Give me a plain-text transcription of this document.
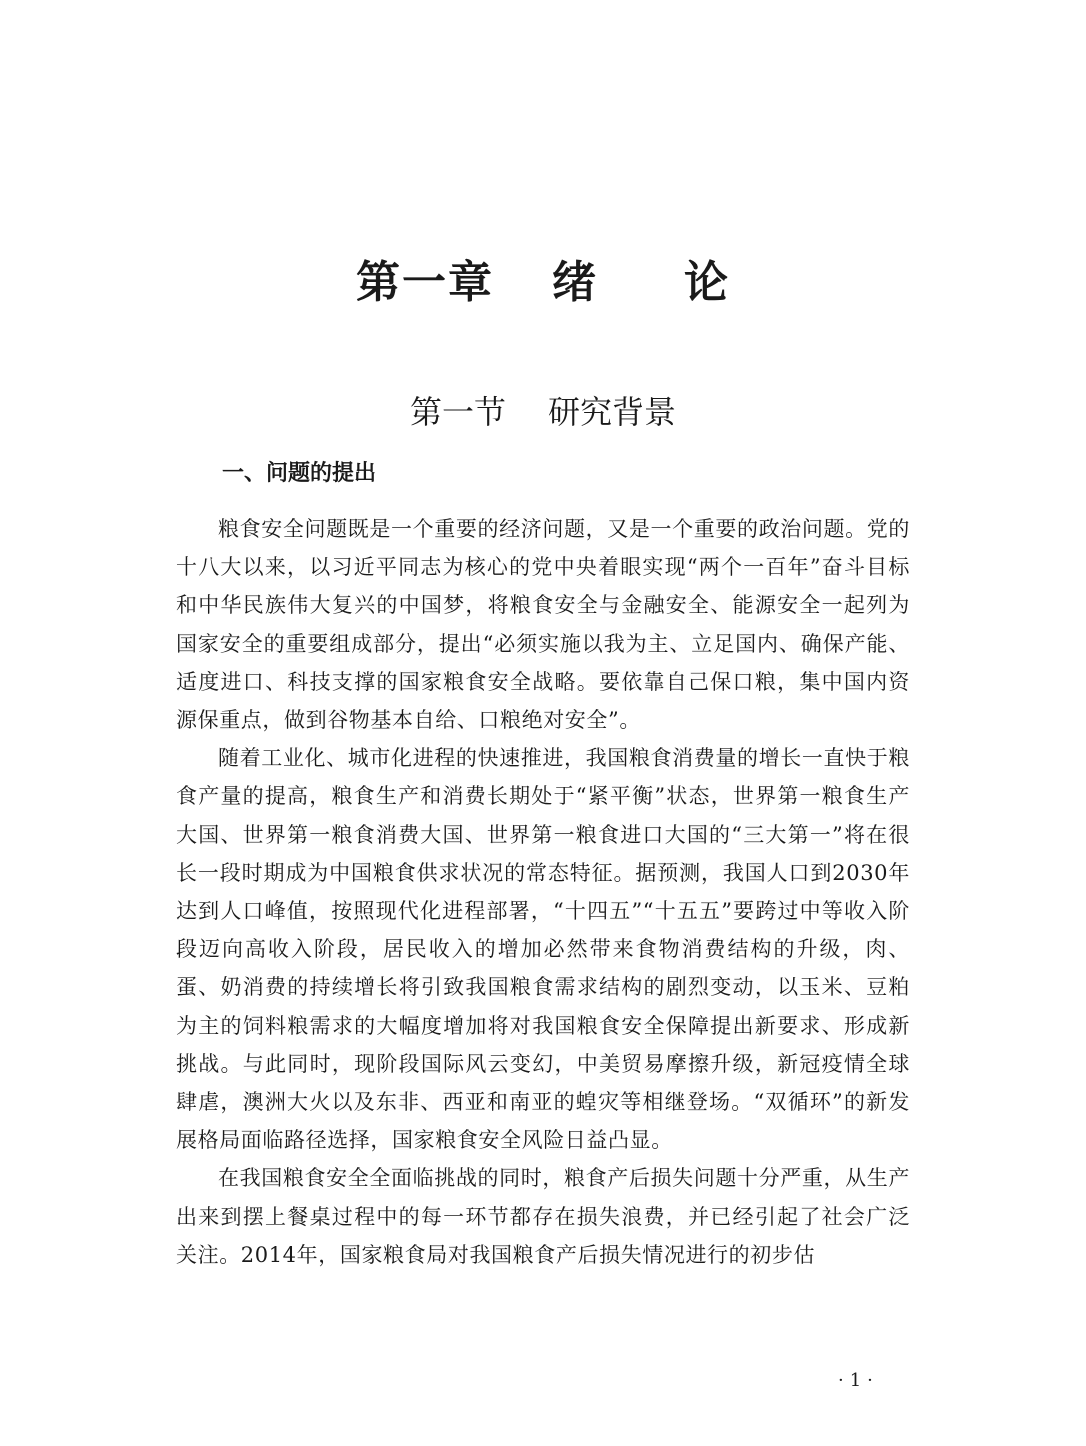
第一章 绪 论
第一节 研究背景
一、问题的提出

粮食安全问题既是一个重要的经济问题，又是一个重要的政治问题。党的十八大以来，以习近平同志为核心的党中央着眼实现“两个一百年”奋斗目标和中华民族伟大复兴的中国梦，将粮食安全与金融安全、能源安全一起列为国家安全的重要组成部分，提出“必须实施以我为主、立足国内、确保产能、适度进口、科技支撑的国家粮食安全战略。要依靠自己保口粮，集中国内资源保重点，做到谷物基本自给、口粮绝对安全”。

随着工业化、城市化进程的快速推进，我国粮食消费量的增长一直快于粮食产量的提高，粮食生产和消费长期处于“紧平衡”状态，世界第一粮食生产大国、世界第一粮食消费大国、世界第一粮食进口大国的“三大第一”将在很长一段时期成为中国粮食供求状况的常态特征。据预测，我国人口到2030年达到人口峰值，按照现代化进程部署，“十四五”“十五五”要跨过中等收入阶段迈向高收入阶段，居民收入的增加必然带来食物消费结构的升级，肉、蛋、奶消费的持续增长将引致我国粮食需求结构的剧烈变动，以玉米、豆粕为主的饲料粮需求的大幅度增加将对我国粮食安全保障提出新要求、形成新挑战。与此同时，现阶段国际风云变幻，中美贸易摩擦升级，新冠疫情全球肆虐，澳洲大火以及东非、西亚和南亚的蝗灾等相继登场。“双循环”的新发展格局面临路径选择，国家粮食安全风险日益凸显。

在我国粮食安全全面临挑战的同时，粮食产后损失问题十分严重，从生产出来到摆上餐桌过程中的每一环节都存在损失浪费，并已经引起了社会广泛关注。2014年，国家粮食局对我国粮食产后损失情况进行的初步估

·1·
